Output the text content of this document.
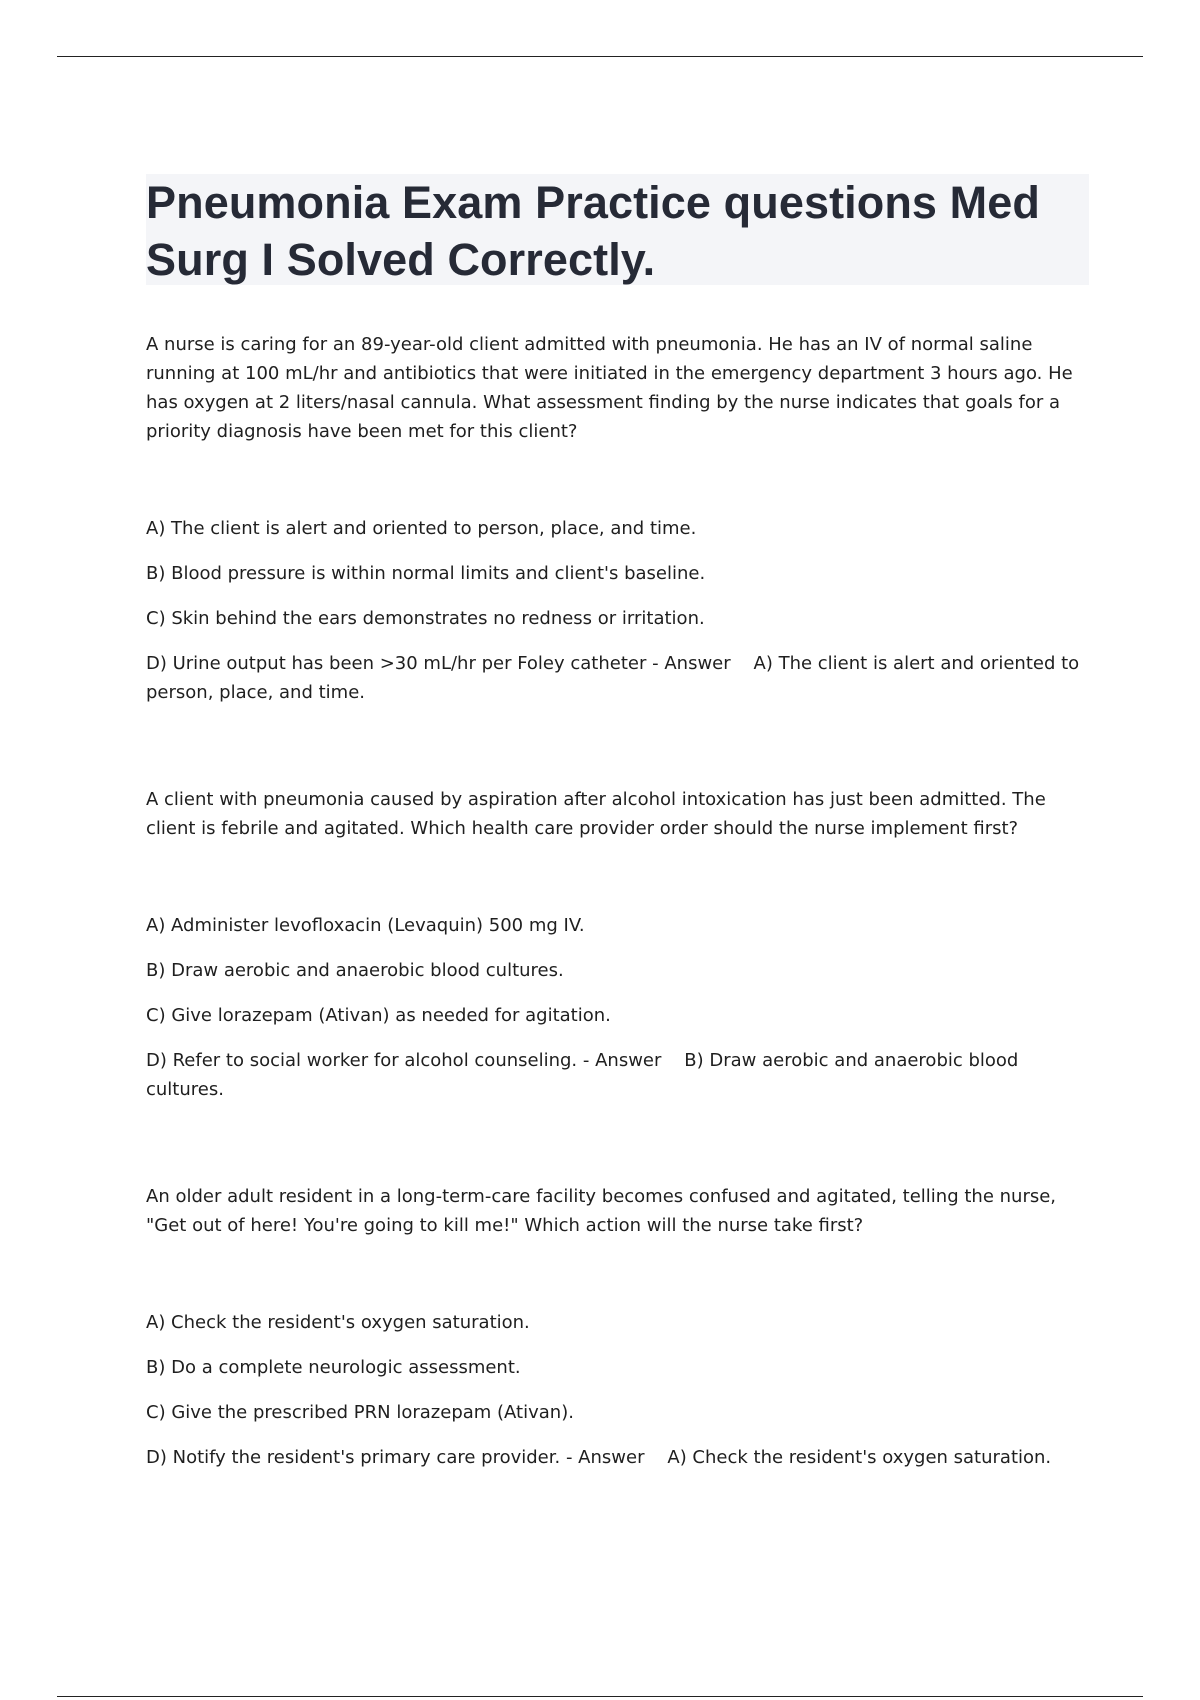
Pneumonia Exam Practice questions Med Surg I Solved Correctly.

A nurse is caring for an 89-year-old client admitted with pneumonia. He has an IV of normal saline running at 100 mL/hr and antibiotics that were initiated in the emergency department 3 hours ago. He has oxygen at 2 liters/nasal cannula. What assessment finding by the nurse indicates that goals for a priority diagnosis have been met for this client?

A) The client is alert and oriented to person, place, and time.
B) Blood pressure is within normal limits and client's baseline.
C) Skin behind the ears demonstrates no redness or irritation.
D) Urine output has been >30 mL/hr per Foley catheter - Answer A) The client is alert and oriented to person, place, and time.

A client with pneumonia caused by aspiration after alcohol intoxication has just been admitted. The client is febrile and agitated. Which health care provider order should the nurse implement first?

A) Administer levofloxacin (Levaquin) 500 mg IV.
B) Draw aerobic and anaerobic blood cultures.
C) Give lorazepam (Ativan) as needed for agitation.
D) Refer to social worker for alcohol counseling. - Answer B) Draw aerobic and anaerobic blood cultures.

An older adult resident in a long-term-care facility becomes confused and agitated, telling the nurse, "Get out of here! You're going to kill me!" Which action will the nurse take first?

A) Check the resident's oxygen saturation.
B) Do a complete neurologic assessment.
C) Give the prescribed PRN lorazepam (Ativan).
D) Notify the resident's primary care provider. - Answer A) Check the resident's oxygen saturation.
